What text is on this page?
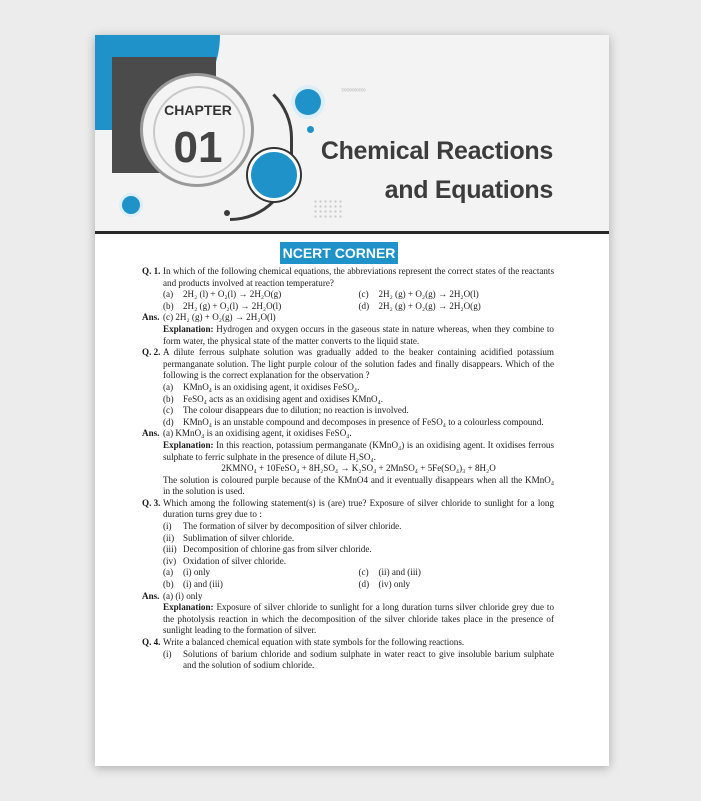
CHAPTER
01
»»»»»»»
Chemical Reactions
and Equations
NCERT CORNER
Q. 1. In which of the following chemical equations, the abbreviations represent the correct states of the reactants and products involved at reaction temperature?
(a) 2H₂ (l) + O₂(l) → 2H₂O(g)	(c) 2H₂ (g) + O₂(g) → 2H₂O(l)
(b) 2H₂ (g) + O₂(l) → 2H₂O(l)	(d) 2H₂ (g) + O₂(g) → 2H₂O(g)
Ans. (c) 2H₂ (g) + O₂(g) → 2H₂O(l)
Explanation: Hydrogen and oxygen occurs in the gaseous state in nature whereas, when they combine to form water, the physical state of the matter converts to the liquid state.
Q. 2. A dilute ferrous sulphate solution was gradually added to the beaker containing acidified potassium permanganate solution. The light purple colour of the solution fades and finally disappears. Which of the following is the correct explanation for the observation ?
(a) KMnO₄ is an oxidising agent, it oxidises FeSO₄.
(b) FeSO₄ acts as an oxidising agent and oxidises KMnO₄.
(c) The colour disappears due to dilution; no reaction is involved.
(d) KMnO₄ is an unstable compound and decomposes in presence of FeSO₄ to a colourless compound.
Ans. (a) KMnO₄ is an oxidising agent, it oxidises FeSO₄.
Explanation: In this reaction, potassium permanganate (KMnO₄) is an oxidising agent. It oxidises ferrous sulphate to ferric sulphate in the presence of dilute H₂SO₄.
2KMNO₄ + 10FeSO₄ + 8H₂SO₄ → K₂SO₄ + 2MnSO₄ + 5Fe(SO₄)₃ + 8H₂O
The solution is coloured purple because of the KMnO4 and it eventually disappears when all the KMnO₄ in the solution is used.
Q. 3. Which among the following statement(s) is (are) true? Exposure of silver chloride to sunlight for a long duration turns grey due to :
(i) The formation of silver by decomposition of silver chloride.
(ii) Sublimation of silver chloride.
(iii) Decomposition of chlorine gas from silver chloride.
(iv) Oxidation of silver chloride.
(a) (i) only	(c) (ii) and (iii)
(b) (i) and (iii)	(d) (iv) only
Ans. (a) (i) only
Explanation: Exposure of silver chloride to sunlight for a long duration turns silver chloride grey due to the photolysis reaction in which the decomposition of the silver chloride takes place in the presence of sunlight leading to the formation of silver.
Q. 4. Write a balanced chemical equation with state symbols for the following reactions.
(i) Solutions of barium chloride and sodium sulphate in water react to give insoluble barium sulphate and the solution of sodium chloride.
